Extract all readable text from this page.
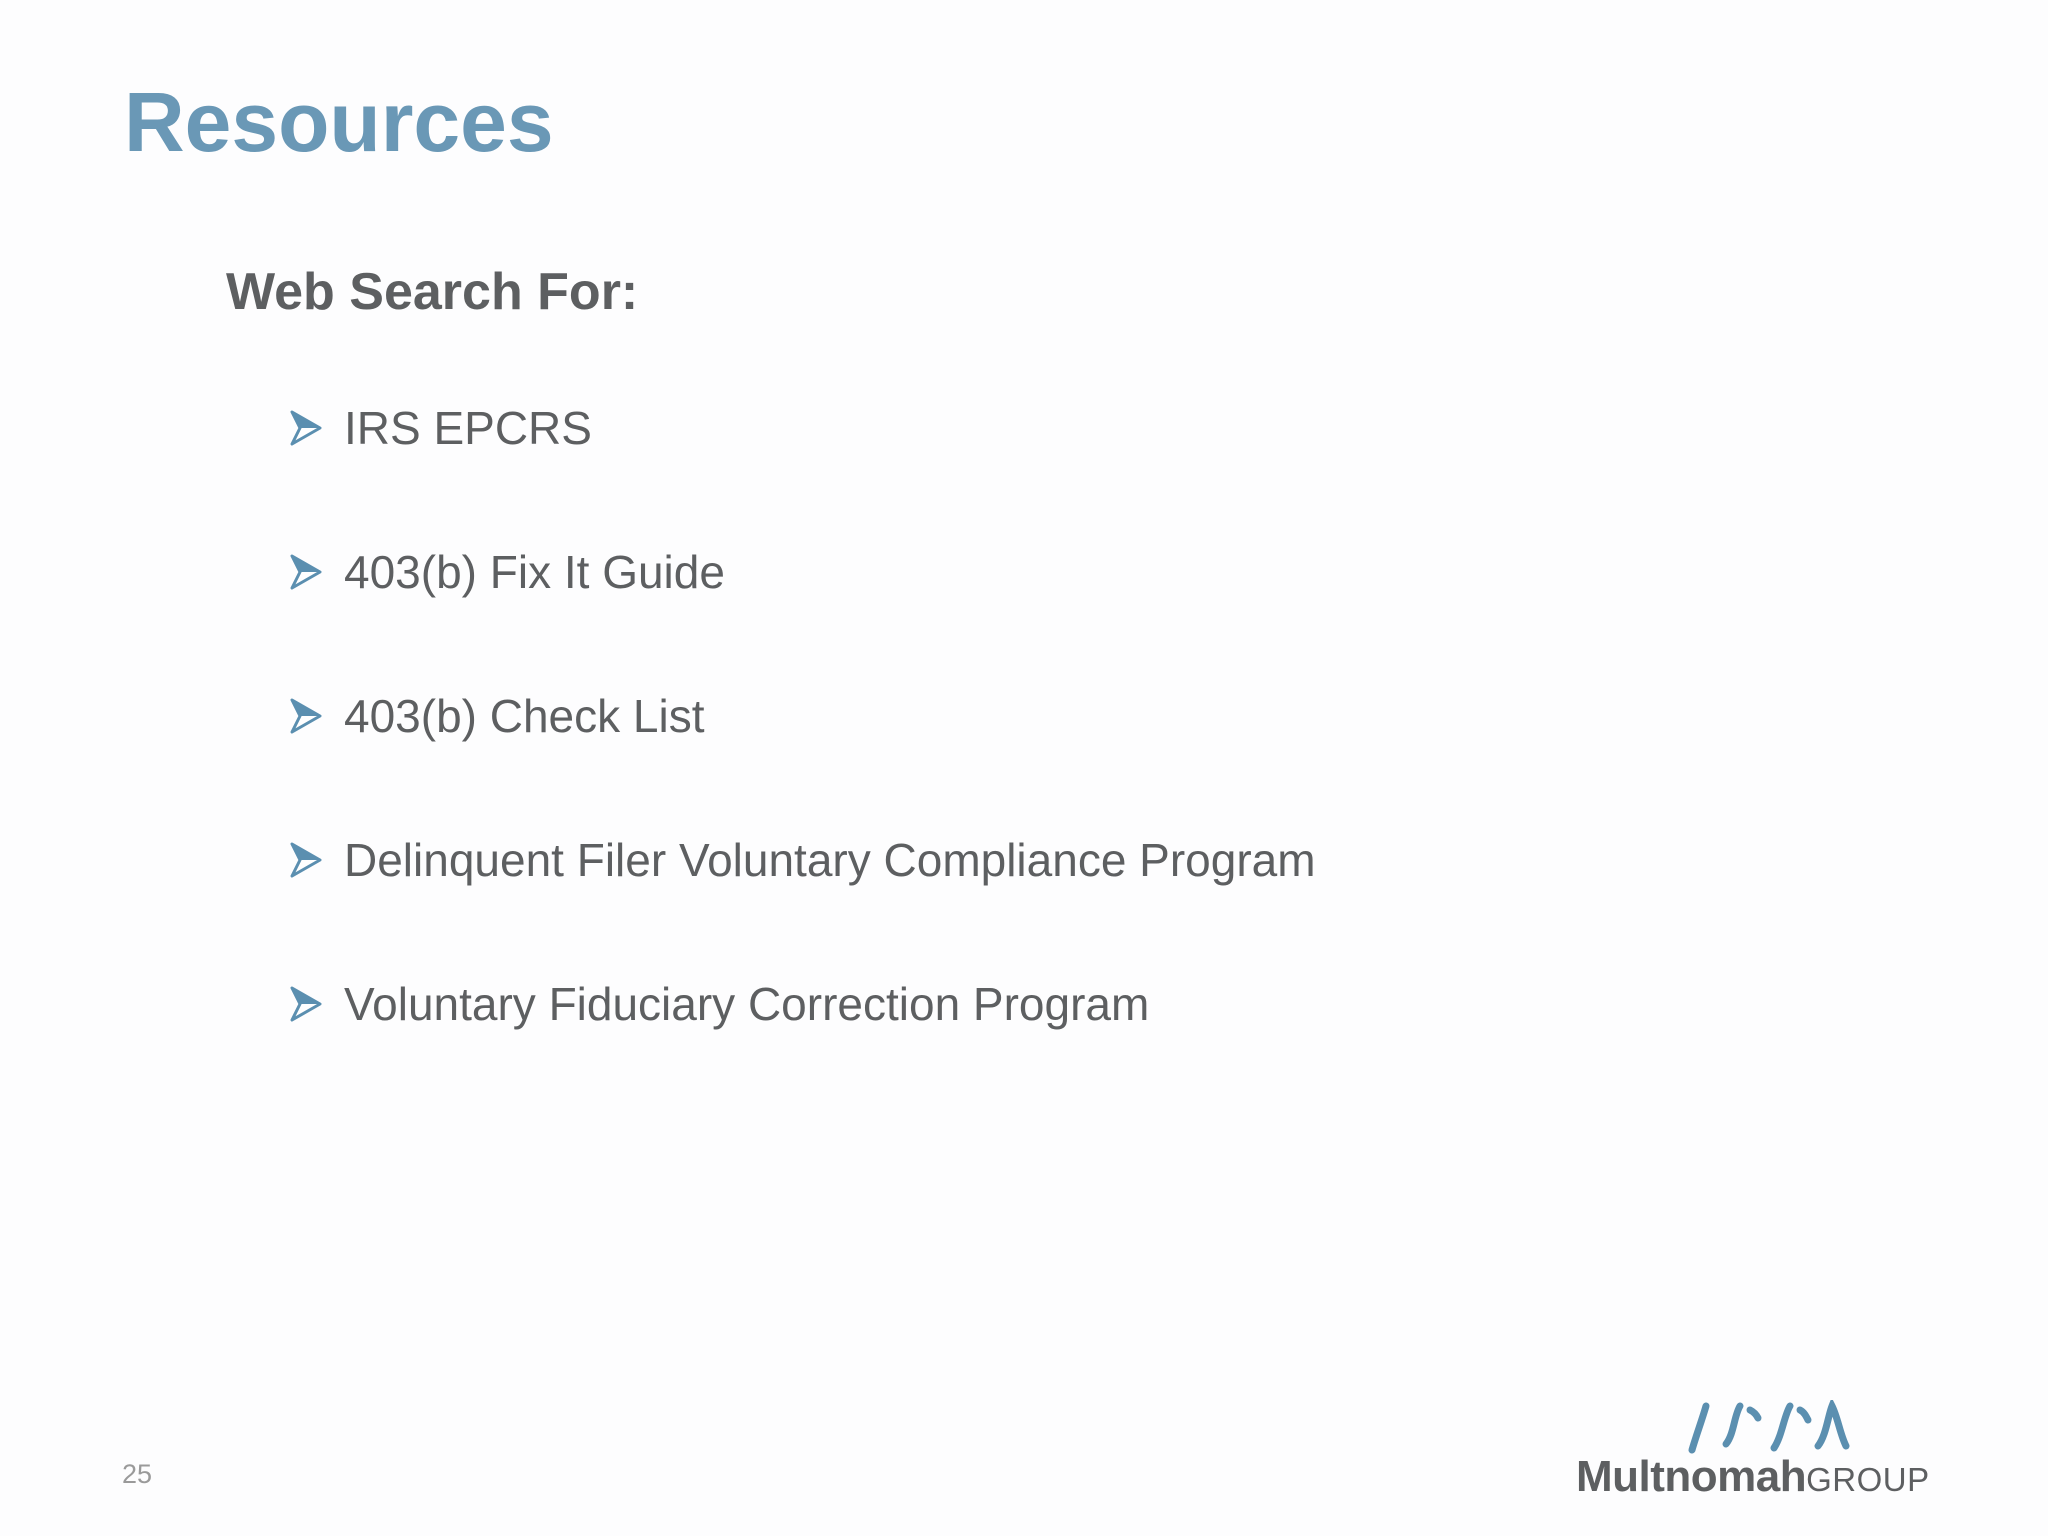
Resources
Web Search For:
IRS EPCRS
403(b) Fix It Guide
403(b) Check List
Delinquent Filer Voluntary Compliance Program
Voluntary Fiduciary Correction Program
25	MultnomahGROUP
